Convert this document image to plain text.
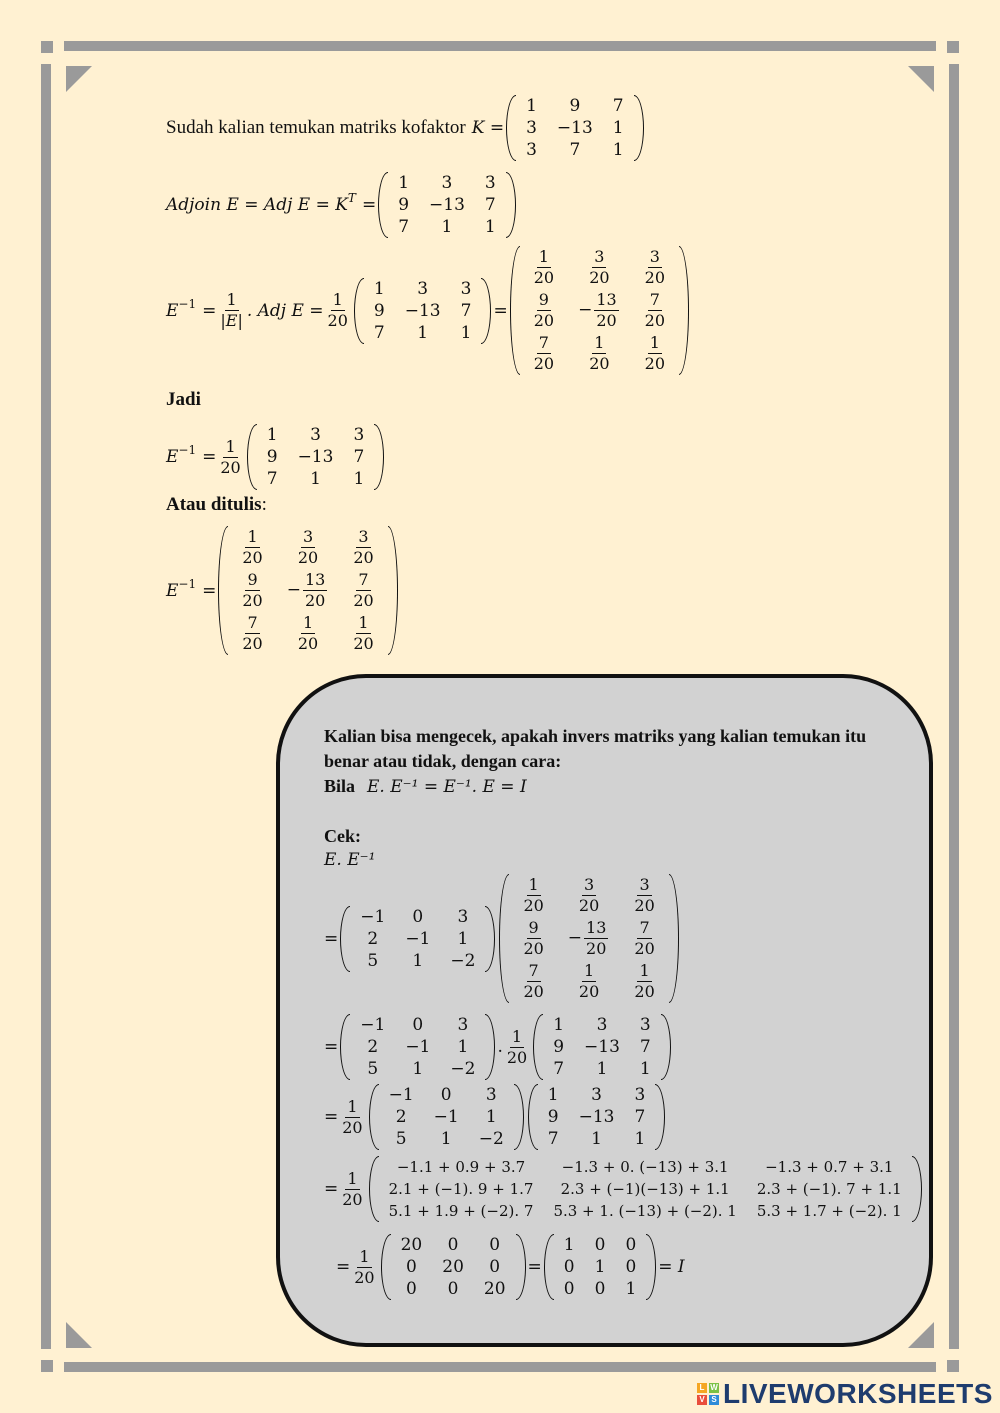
Sudah kalian temukan matriks kofaktor K =
1	9	7
3	−13	1
3	7	1
Adjoin E = Adj $E = K^T$ =
1	3	3
9	−13	7
7	1	1
$E^{-1} = \frac{1}{|E|}$ . Adj $E = \frac{1}{20}$
1	3	3
9	−13	7
7	1	1
=
$\frac{1}{20}$	$\frac{3}{20}$	$\frac{3}{20}$

$\frac{9}{20}$	− $\frac{13}{20}$	$\frac{7}{20}$

$\frac{7}{20}$	$\frac{1}{20}$	$\frac{1}{20}$
Jadi
$E^{-1} = \frac{1}{20}$
1	3	3
9	−13	7
7	1	1
Atau ditulis :
$E^{-1}$ =
$\frac{1}{20}$	$\frac{3}{20}$	$\frac{3}{20}$

$\frac{9}{20}$	− $\frac{13}{20}$	$\frac{7}{20}$

$\frac{7}{20}$	$\frac{1}{20}$	$\frac{1}{20}$
Kalian bisa mengecek, apakah invers matriks yang kalian temukan itu
benar atau tidak, dengan cara:
Bila E. E⁻¹ = E⁻¹. E = I
Cek:
E. E⁻¹
=
−1	0	3
2	−1	1
5	1	−2
$\frac{1}{20}$	$\frac{3}{20}$	$\frac{3}{20}$

$\frac{9}{20}$	− $\frac{13}{20}$	$\frac{7}{20}$

$\frac{7}{20}$	$\frac{1}{20}$	$\frac{1}{20}$
=
−1	0	3
2	−1	1
5	1	−2
. $\frac{1}{20}$
1	3	3
9	−13	7
7	1	1
= $\frac{1}{20}$
−1	0	3
2	−1	1
5	1	−2
1	3	3
9	−13	7
7	1	1
= $\frac{1}{20}$
−1.1 + 0.9 + 3.7	−1.3 + 0. (−13) + 3.1	−1.3 + 0.7 + 3.1
2.1 + (−1). 9 + 1.7	2.3 + (−1)(−13) + 1.1	2.3 + (−1). 7 + 1.1
5.1 + 1.9 + (−2). 7	5.3 + 1. (−13) + (−2). 1	5.3 + 1.7 + (−2). 1
= $\frac{1}{20}$
20	0	0
0	20	0
0	0	20
=
1	0	0
0	1	0
0	0	1
= I
L W
V S LIVEWORKSHEETS
